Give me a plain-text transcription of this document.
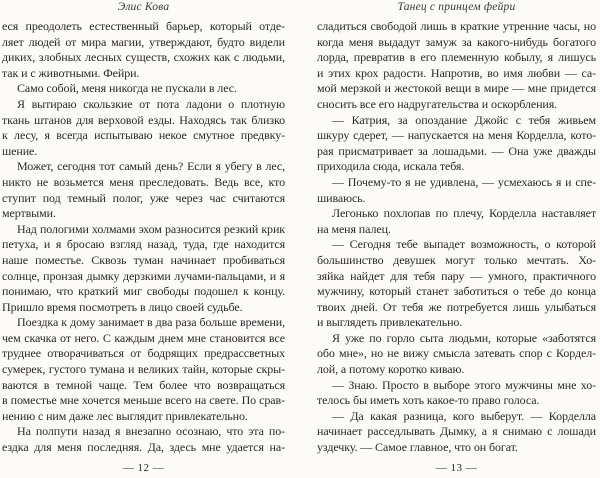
Элис Кова
еся преодолеть естественный барьер, который отде-
ляет людей от мира магии, утверждают, будто видели
диких, злобных лесных существ, схожих как с людьми,
так и с животными. Фейри.
Само собой, меня никогда не пускали в лес.
Я вытираю скользкие от пота ладони о плотную
ткань штанов для верховой езды. Находясь так близко
к лесу, я всегда испытываю некое смутное предвку-
шение.
Может, сегодня тот самый день? Если я убегу в лес,
никто не возьмется меня преследовать. Ведь все, кто
ступит под темный полог, уже через час считаются
мертвыми.
Над пологими холмами эхом разносится резкий крик
петуха, и я бросаю взгляд назад, туда, где находится
наше поместье. Сквозь туман начинает пробиваться
солнце, пронзая дымку дерзкими лучами-пальцами, и я
понимаю, что краткий миг свободы подошел к концу.
Пришло время посмотреть в лицо своей судьбе.
Поездка к дому занимает в два раза больше времени,
чем скачка от него. С каждым днем мне становится все
труднее отворачиваться от бодрящих предрассветных
сумерек, густого тумана и великих тайн, которые скры-
ваются в темной чаще. Тем более что возвращаться
в поместье мне хочется меньше всего на свете. По срав-
нению с ним даже лес выглядит привлекательно.
На полпути назад я внезапно осознаю, что эта по-
ездка для меня последняя. Да, здесь мне удается на-
— 12 —
Танец с принцем фейри
сладиться свободой лишь в краткие утренние часы, но
когда меня выдадут замуж за какого-нибудь богатого
лорда, превратив в его племенную кобылу, я лишусь
и этих крох радости. Напротив, во имя любви — са-
мой мерзкой и жестокой вещи в мире — мне придется
сносить все его надругательства и оскорбления.
— Катрия, за опоздание Джойс с тебя живьем
шкуру сдерет, — напускается на меня Корделла, кото-
рая присматривает за лошадьми. — Она уже дважды
приходила сюда, искала тебя.
— Почему-то я не удивлена, — усмехаюсь я и спе-
шиваюсь.
Легонько похлопав по плечу, Корделла наставляет
на меня палец.
— Сегодня тебе выпадет возможность, о которой
большинство девушек могут только мечтать. Хо-
зяйка найдет для тебя пару — умного, практичного
мужчину, который станет заботиться о тебе до конца
твоих дней. От тебя же потребуется лишь улыбаться
и выглядеть привлекательно.
Я уже по горло сыта людьми, которые «заботятся
обо мне», но не вижу смысла затевать спор с Кордел-
лой, а потому коротко киваю.
— Знаю. Просто в выборе этого мужчины мне хо-
телось бы иметь хоть какое-то право голоса.
— Да какая разница, кого выберут. — Корделла
начинает расседлывать Дымку, а я снимаю с лошади
уздечку. — Самое главное, что он богат.
— 13 —
